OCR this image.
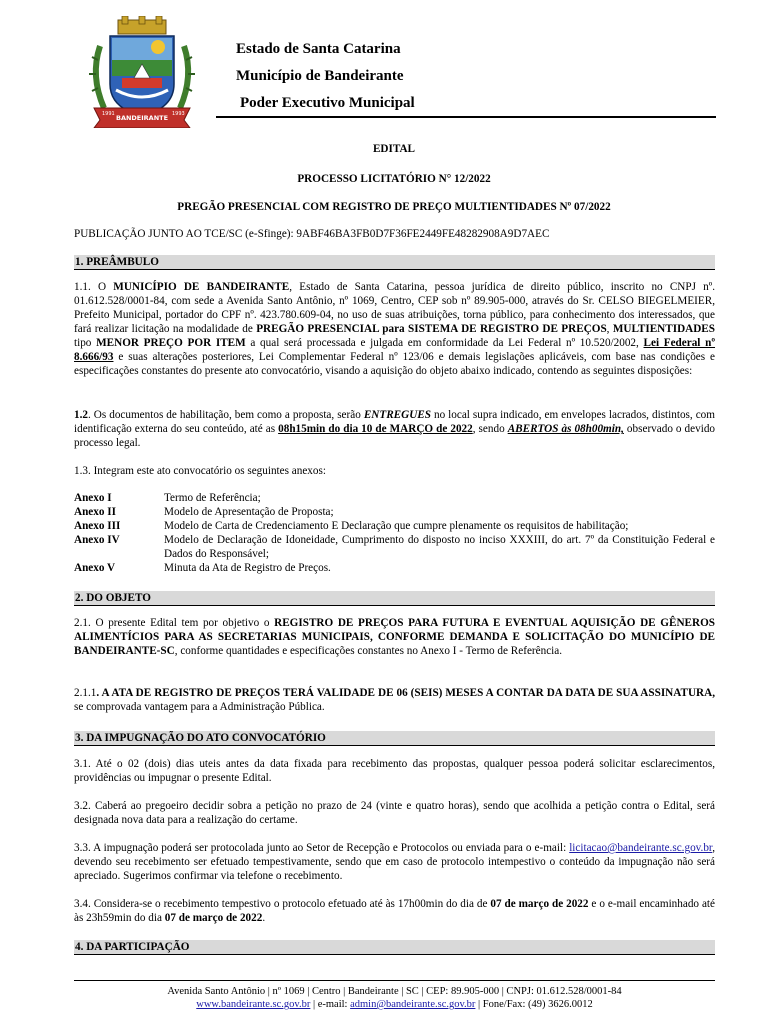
BANDEIRANTE
1991	1993
Estado de Santa Catarina
Município de Bandeirante
Poder Executivo Municipal
EDITAL
PROCESSO LICITATÓRIO N° 12/2022
PREGÃO PRESENCIAL COM REGISTRO DE PREÇO MULTIENTIDADES Nº 07/2022

PUBLICAÇÃO JUNTO AO TCE/SC (e-Sfinge): 9ABF46BA3FB0D7F36FE2449FE48282908A9D7AEC

1. PREÂMBULO

1.1. O MUNICÍPIO DE BANDEIRANTE, Estado de Santa Catarina, pessoa jurídica de direito público, inscrito no CNPJ nº. 01.612.528/0001-84, com sede a Avenida Santo Antônio, nº 1069, Centro, CEP sob nº 89.905-000, através do Sr. CELSO BIEGELMEIER, Prefeito Municipal, portador do CPF nº. 423.780.609-04, no uso de suas atribuições, torna público, para conhecimento dos interessados, que fará realizar licitação na modalidade de PREGÃO PRESENCIAL para SISTEMA DE REGISTRO DE PREÇOS, MULTIENTIDADES tipo MENOR PREÇO POR ITEM a qual será processada e julgada em conformidade da Lei Federal nº 10.520/2002, Lei Federal nº 8.666/93 e suas alterações posteriores, Lei Complementar Federal nº 123/06 e demais legislações aplicáveis, com base nas condições e especificações constantes do presente ato convocatório, visando a aquisição do objeto abaixo indicado, contendo as seguintes disposições:

1.2. Os documentos de habilitação, bem como a proposta, serão ENTREGUES no local supra indicado, em envelopes lacrados, distintos, com identificação externa do seu conteúdo, até as 08h15min do dia 10 de MARÇO de 2022, sendo ABERTOS às 08h00min, observado o devido processo legal.

1.3. Integram este ato convocatório os seguintes anexos:

Anexo I	Termo de Referência;
Anexo II	Modelo de Apresentação de Proposta;
Anexo III	Modelo de Carta de Credenciamento E Declaração que cumpre plenamente os requisitos de habilitação;
Anexo IV	Modelo de Declaração de Idoneidade, Cumprimento do disposto no inciso XXXIII, do art. 7º da Constituição Federal e Dados do Responsável;
Anexo V	Minuta da Ata de Registro de Preços.
2. DO OBJETO

2.1. O presente Edital tem por objetivo o REGISTRO DE PREÇOS PARA FUTURA E EVENTUAL AQUISIÇÃO DE GÊNEROS ALIMENTÍCIOS PARA AS SECRETARIAS MUNICIPAIS, CONFORME DEMANDA E SOLICITAÇÃO DO MUNICÍPIO DE BANDEIRANTE-SC, conforme quantidades e especificações constantes no Anexo I - Termo de Referência.

2.1.1. A ATA DE REGISTRO DE PREÇOS TERÁ VALIDADE DE 06 (SEIS) MESES A CONTAR DA DATA DE SUA ASSINATURA, se comprovada vantagem para a Administração Pública.

3. DA IMPUGNAÇÃO DO ATO CONVOCATÓRIO

3.1. Até o 02 (dois) dias uteis antes da data fixada para recebimento das propostas, qualquer pessoa poderá solicitar esclarecimentos, providências ou impugnar o presente Edital.

3.2. Caberá ao pregoeiro decidir sobra a petição no prazo de 24 (vinte e quatro horas), sendo que acolhida a petição contra o Edital, será designada nova data para a realização do certame.

3.3. A impugnação poderá ser protocolada junto ao Setor de Recepção e Protocolos ou enviada para o e-mail: licitacao@bandeirante.sc.gov.br, devendo seu recebimento ser efetuado tempestivamente, sendo que em caso de protocolo intempestivo o conteúdo da impugnação não será apreciado. Sugerimos confirmar via telefone o recebimento.

3.4. Considera-se o recebimento tempestivo o protocolo efetuado até às 17h00min do dia de 07 de março de 2022 e o e-mail encaminhado até às 23h59min do dia 07 de março de 2022.

4. DA PARTICIPAÇÃO
Avenida Santo Antônio | nº 1069 | Centro | Bandeirante | SC | CEP: 89.905-000 | CNPJ: 01.612.528/0001-84
www.bandeirante.sc.gov.br | e-mail: admin@bandeirante.sc.gov.br | Fone/Fax: (49) 3626.0012
